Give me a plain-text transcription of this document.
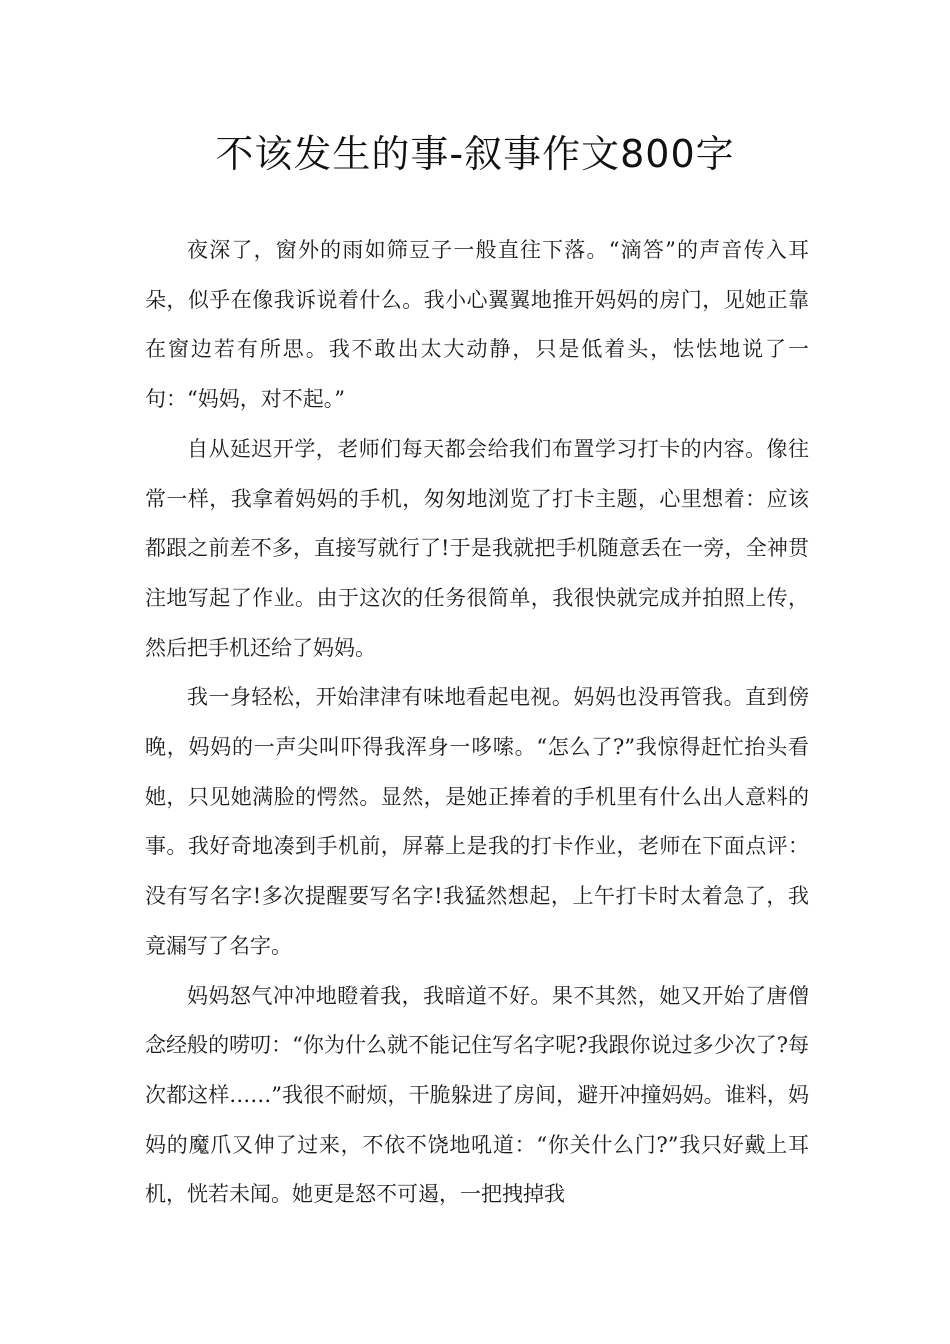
不该发生的事-叙事作文800字

夜深了，窗外的雨如筛豆子一般直往下落。“滴答”的声音传入耳朵，似乎在像我诉说着什么。我小心翼翼地推开妈妈的房门，见她正靠在窗边若有所思。我不敢出太大动静，只是低着头，怯怯地说了一句：“妈妈，对不起。”

自从延迟开学，老师们每天都会给我们布置学习打卡的内容。像往常一样，我拿着妈妈的手机，匆匆地浏览了打卡主题，心里想着：应该都跟之前差不多，直接写就行了!于是我就把手机随意丢在一旁，全神贯注地写起了作业。由于这次的任务很简单，我很快就完成并拍照上传，然后把手机还给了妈妈。

我一身轻松，开始津津有味地看起电视。妈妈也没再管我。直到傍晚，妈妈的一声尖叫吓得我浑身一哆嗦。“怎么了?”我惊得赶忙抬头看她，只见她满脸的愕然。显然，是她正捧着的手机里有什么出人意料的事。我好奇地凑到手机前，屏幕上是我的打卡作业，老师在下面点评：没有写名字!多次提醒要写名字!我猛然想起，上午打卡时太着急了，我竟漏写了名字。

妈妈怒气冲冲地瞪着我，我暗道不好。果不其然，她又开始了唐僧念经般的唠叨：“你为什么就不能记住写名字呢?我跟你说过多少次了?每次都这样……”我很不耐烦，干脆躲进了房间，避开冲撞妈妈。谁料，妈妈的魔爪又伸了过来，不依不饶地吼道：“你关什么门?”我只好戴上耳机，恍若未闻。她更是怒不可遏，一把拽掉我
